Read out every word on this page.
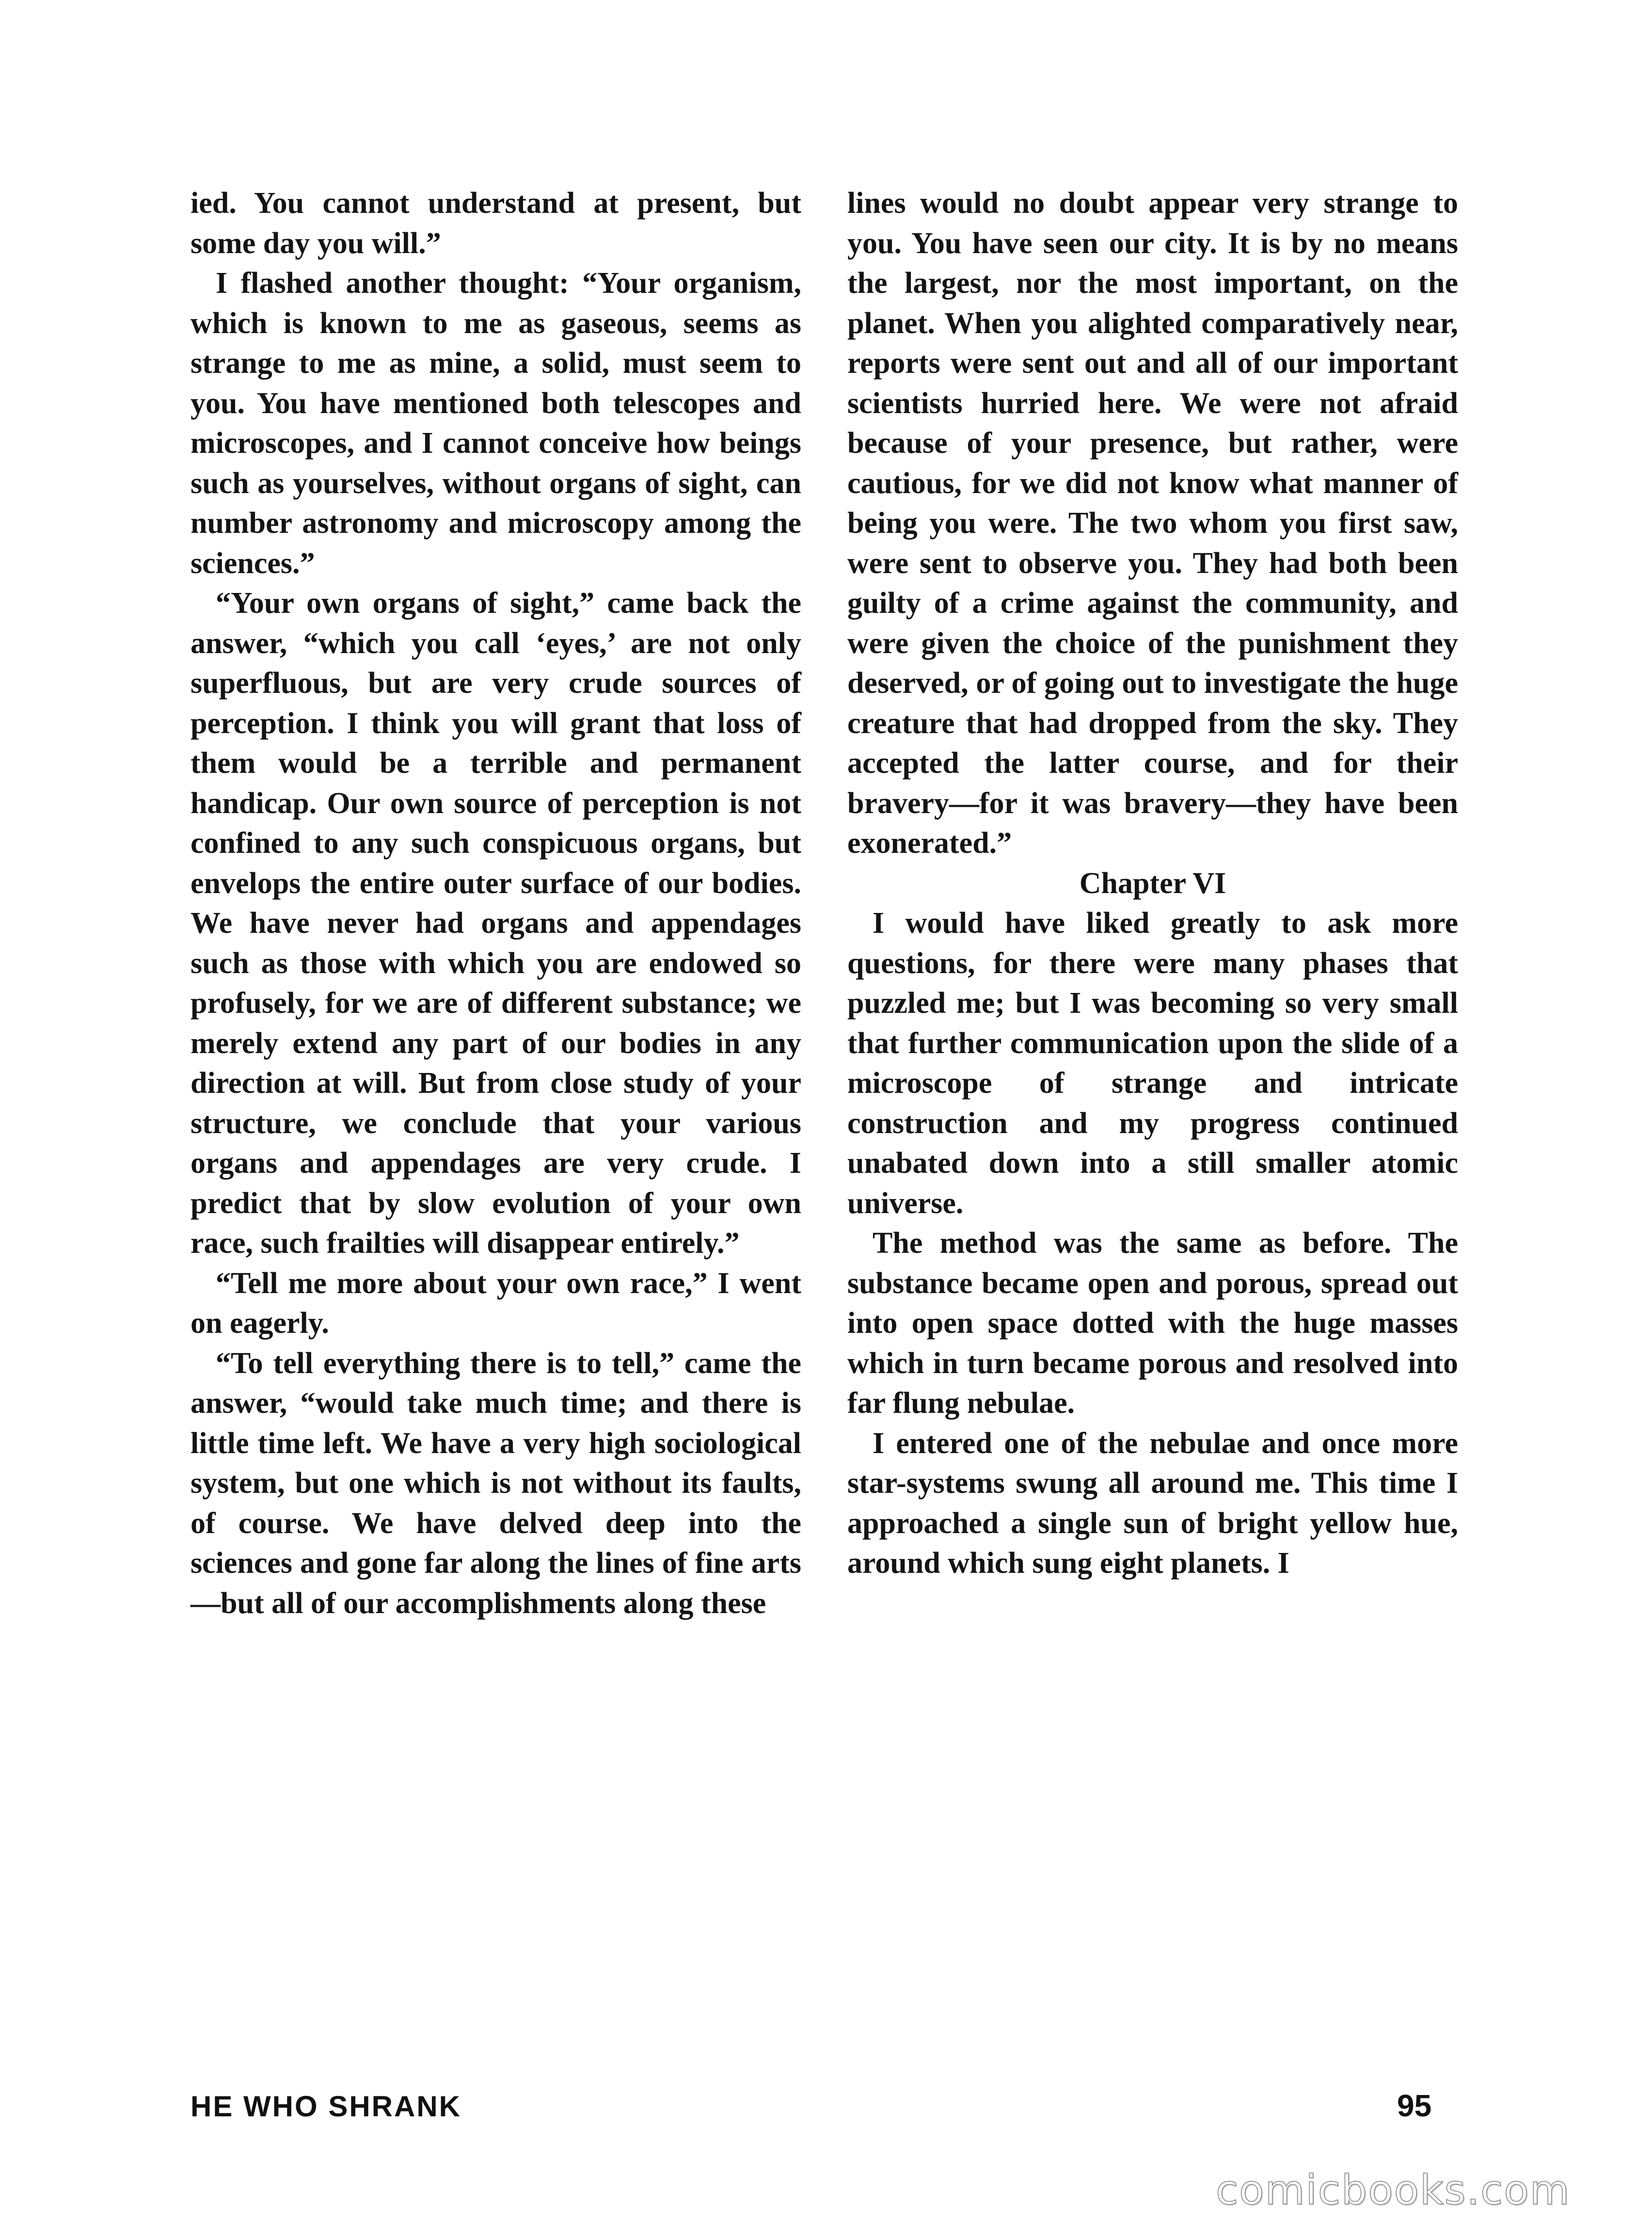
ied. You cannot understand at present, but some day you will.”

I flashed another thought: “Your organism, which is known to me as gaseous, seems as strange to me as mine, a solid, must seem to you. You have mentioned both telescopes and microscopes, and I cannot conceive how beings such as yourselves, without organs of sight, can number astronomy and microscopy among the sciences.”

“Your own organs of sight,” came back the answer, “which you call ‘eyes,’ are not only superfluous, but are very crude sources of perception. I think you will grant that loss of them would be a terrible and permanent handicap. Our own source of perception is not confined to any such conspicuous organs, but envelops the entire outer surface of our bodies. We have never had organs and appendages such as those with which you are endowed so profusely, for we are of different substance; we merely extend any part of our bodies in any direction at will. But from close study of your structure, we conclude that your various organs and appendages are very crude. I predict that by slow evolution of your own race, such frailties will disappear entirely.”

“Tell me more about your own race,” I went on eagerly.

“To tell everything there is to tell,” came the answer, “would take much time; and there is little time left. We have a very high sociological system, but one which is not without its faults, of course. We have delved deep into the sciences and gone far along the lines of fine arts—but all of our accomplishments along these

lines would no doubt appear very strange to you. You have seen our city. It is by no means the largest, nor the most important, on the planet. When you alighted comparatively near, reports were sent out and all of our important scientists hurried here. We were not afraid because of your presence, but rather, were cautious, for we did not know what manner of being you were. The two whom you first saw, were sent to observe you. They had both been guilty of a crime against the community, and were given the choice of the punishment they deserved, or of going out to investigate the huge creature that had dropped from the sky. They accepted the latter course, and for their bravery—for it was bravery—they have been exonerated.”

Chapter VI

I would have liked greatly to ask more questions, for there were many phases that puzzled me; but I was becoming so very small that further communication upon the slide of a microscope of strange and intricate construction and my progress continued unabated down into a still smaller atomic universe.

The method was the same as before. The substance became open and porous, spread out into open space dotted with the huge masses which in turn became porous and resolved into far flung nebulae.

I entered one of the nebulae and once more star-systems swung all around me. This time I approached a single sun of bright yellow hue, around which sung eight planets. I

HE WHO SHRANK	95
comicbooks.com
